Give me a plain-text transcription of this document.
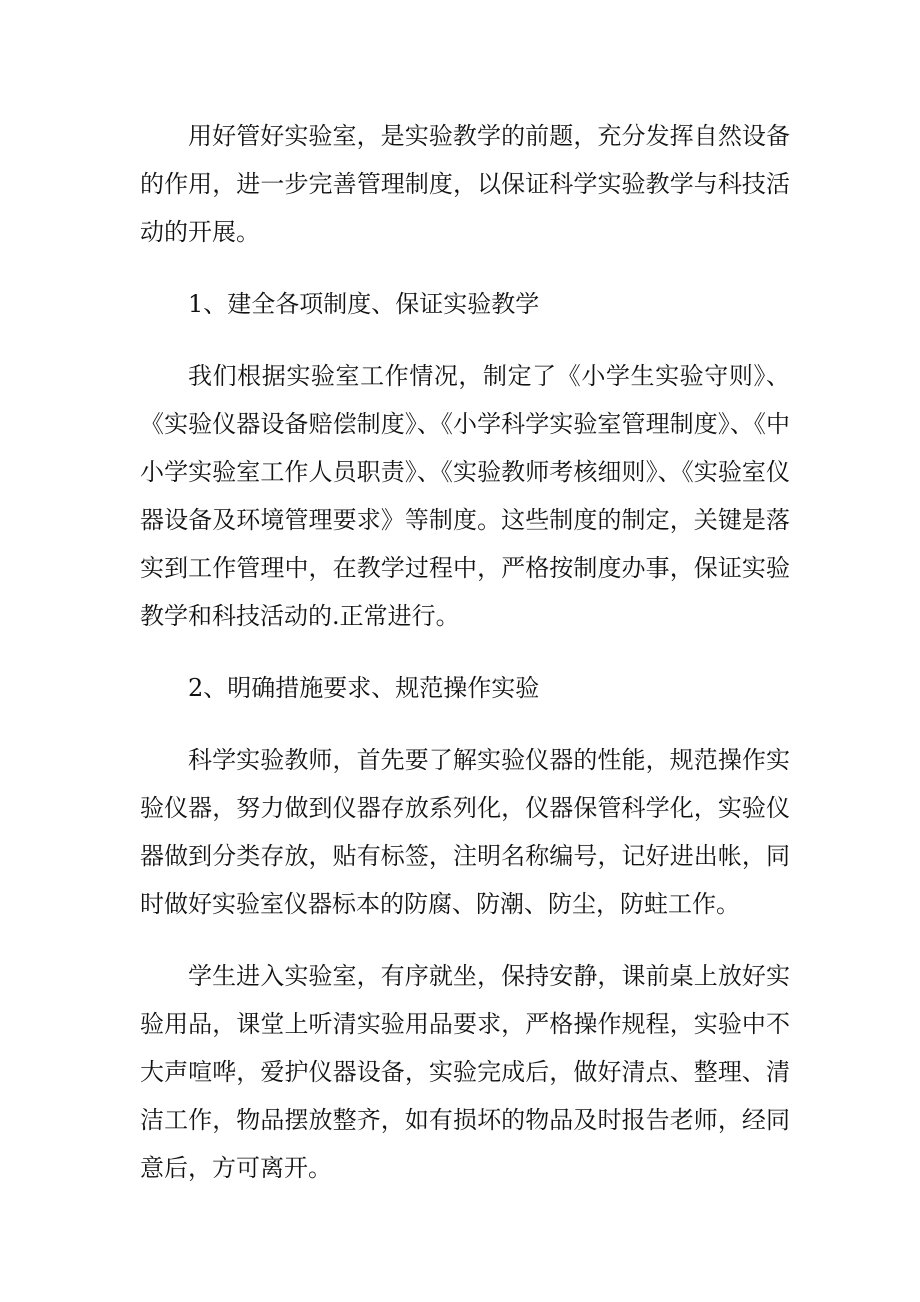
用好管好实验室，是实验教学的前题，充分发挥自然设备的作用，进一步完善管理制度，以保证科学实验教学与科技活动的开展。

1、建全各项制度、保证实验教学

我们根据实验室工作情况，制定了《小学生实验守则》、《实验仪器设备赔偿制度》、《小学科学实验室管理制度》、《中小学实验室工作人员职责》、《实验教师考核细则》、《实验室仪器设备及环境管理要求》等制度。这些制度的制定，关键是落实到工作管理中，在教学过程中，严格按制度办事，保证实验教学和科技活动的.正常进行。

2、明确措施要求、规范操作实验

科学实验教师，首先要了解实验仪器的性能，规范操作实验仪器，努力做到仪器存放系列化，仪器保管科学化，实验仪器做到分类存放，贴有标签，注明名称编号，记好进出帐，同时做好实验室仪器标本的防腐、防潮、防尘，防蛀工作。

学生进入实验室，有序就坐，保持安静，课前桌上放好实验用品，课堂上听清实验用品要求，严格操作规程，实验中不大声喧哗，爱护仪器设备，实验完成后，做好清点、整理、清洁工作，物品摆放整齐，如有损坏的物品及时报告老师，经同意后，方可离开。
